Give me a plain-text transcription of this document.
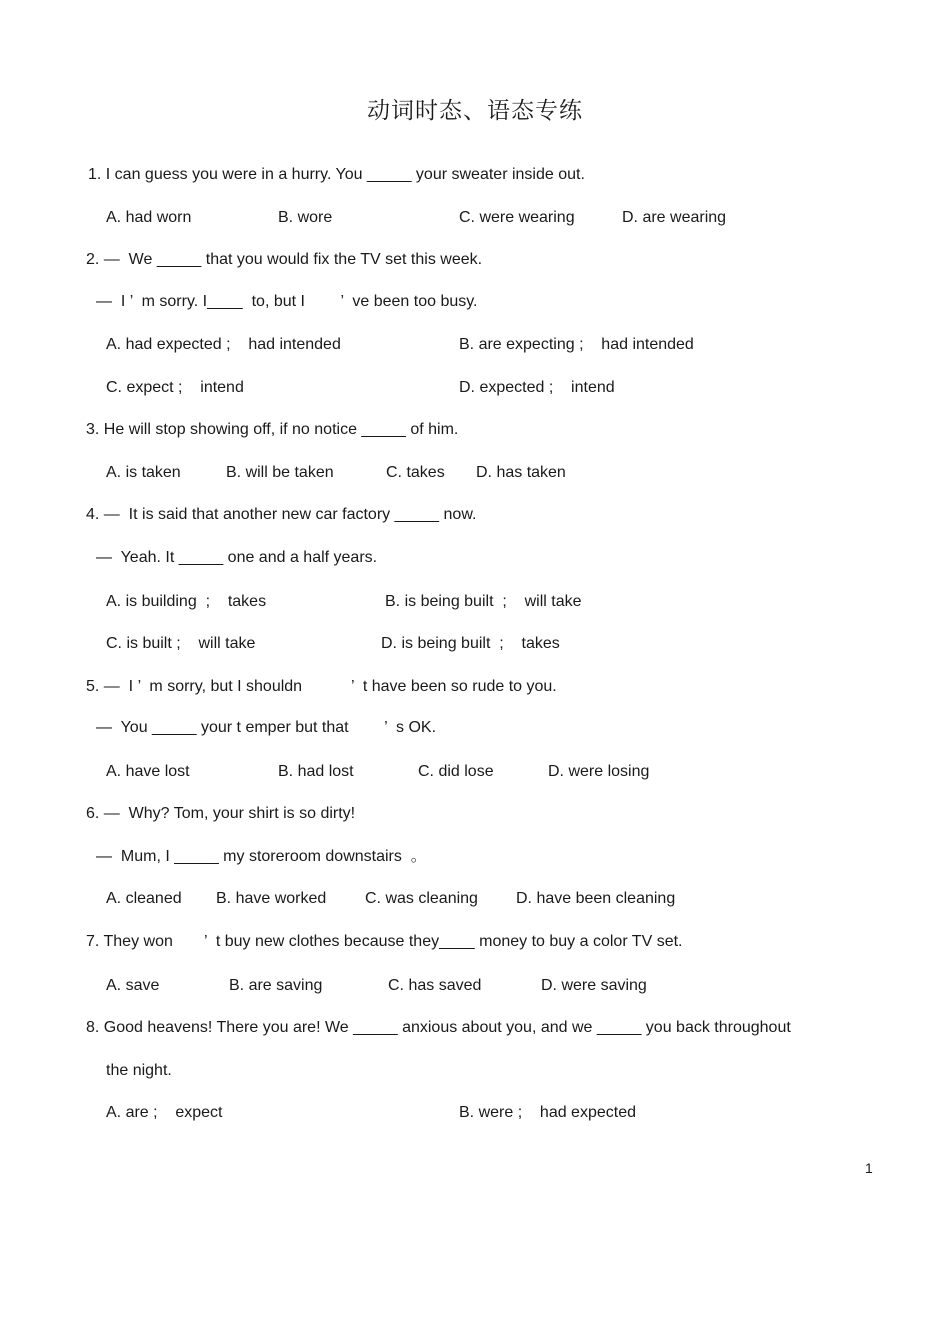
动词时态、语态专练
1. I can guess you were in a hurry. You _____ your sweater inside out.
A. had worn	B. wore	C. were wearing	D. are wearing
2. —  We _____ that you would fix the TV set this week.
—  I ’  m sorry. I____  to, but I        ’  ve been too busy.
A. had expected ;    had intended	B. are expecting ;    had intended
C. expect ;    intend	D. expected ;    intend
3. He will stop showing off, if no notice _____ of him.
A. is taken	B. will be taken	C. takes D. has taken
4. —  It is said that another new car factory _____ now.
—  Yeah. It _____ one and a half years.
A. is building  ;    takes	B. is being built  ;    will take
C. is built ;    will take	D. is being built  ;    takes
5. —  I ’  m sorry, but I shouldn           ’  t have been so rude to you.
—  You _____ your t emper but that        ’  s OK.
A. have lost	B. had lost	C. did lose	D. were losing
6. —  Why? Tom, your shirt is so dirty!
—  Mum, I _____ my storeroom downstairs  。
A. cleaned B. have worked C. was cleaning D. have been cleaning
7. They won       ’  t buy new clothes because they____ money to buy a color TV set.
A. save	B. are saving	C. has saved	D. were saving
8. Good heavens! There you are! We _____ anxious about you, and we _____ you back throughout
the night.
A. are ;    expect	B. were ;    had expected
1
